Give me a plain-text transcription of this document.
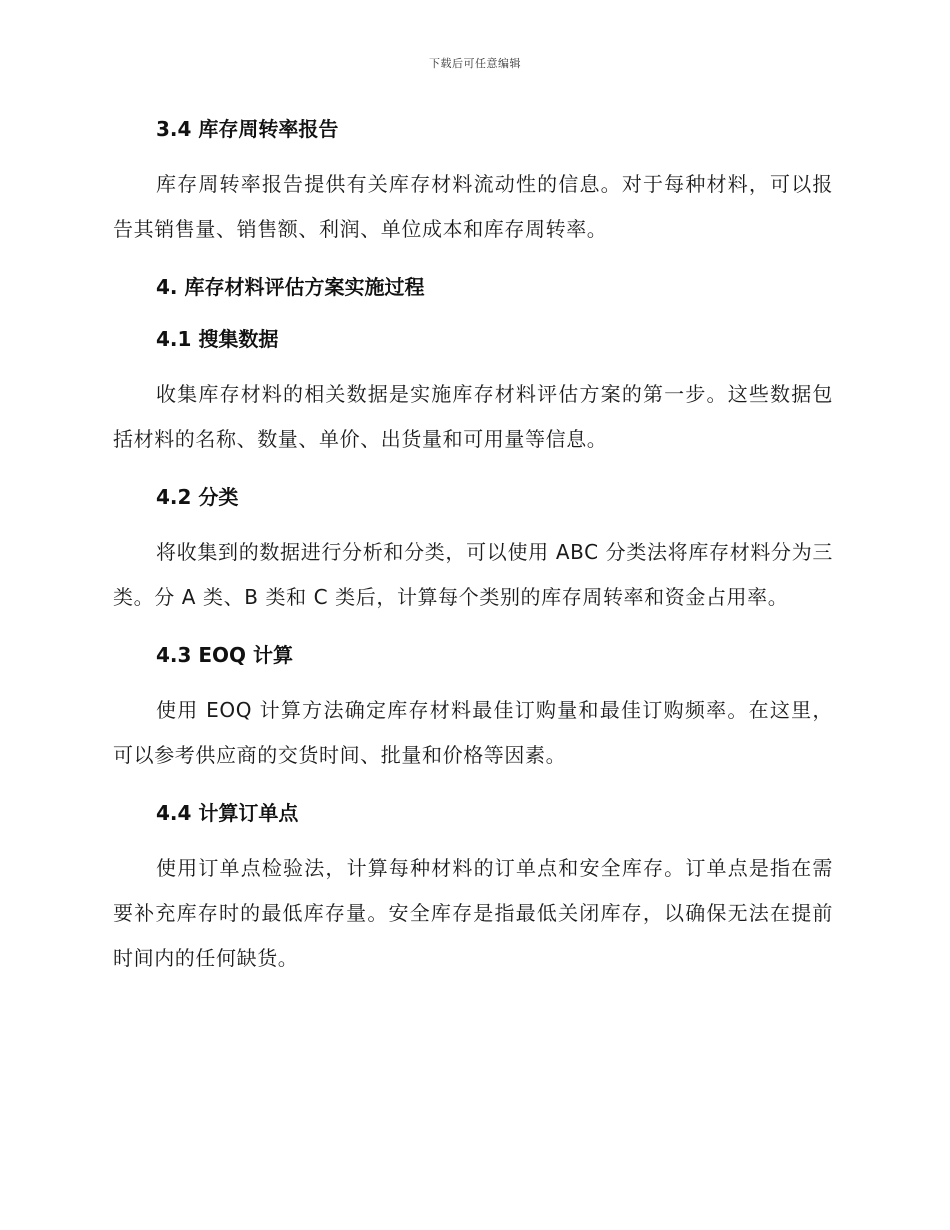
下载后可任意编辑
3.4 库存周转率报告

库存周转率报告提供有关库存材料流动性的信息。对于每种材料，可以报告其销售量、销售额、利润、单位成本和库存周转率。

4. 库存材料评估方案实施过程
4.1 搜集数据

收集库存材料的相关数据是实施库存材料评估方案的第一步。这些数据包括材料的名称、数量、单价、出货量和可用量等信息。

4.2 分类

将收集到的数据进行分析和分类，可以使用 ABC 分类法将库存材料分为三类。分 A 类、B 类和 C 类后，计算每个类别的库存周转率和资金占用率。

4.3 EOQ 计算

使用 EOQ 计算方法确定库存材料最佳订购量和最佳订购频率。在这里，可以参考供应商的交货时间、批量和价格等因素。

4.4 计算订单点

使用订单点检验法，计算每种材料的订单点和安全库存。订单点是指在需要补充库存时的最低库存量。安全库存是指最低关闭库存，以确保无法在提前时间内的任何缺货。
